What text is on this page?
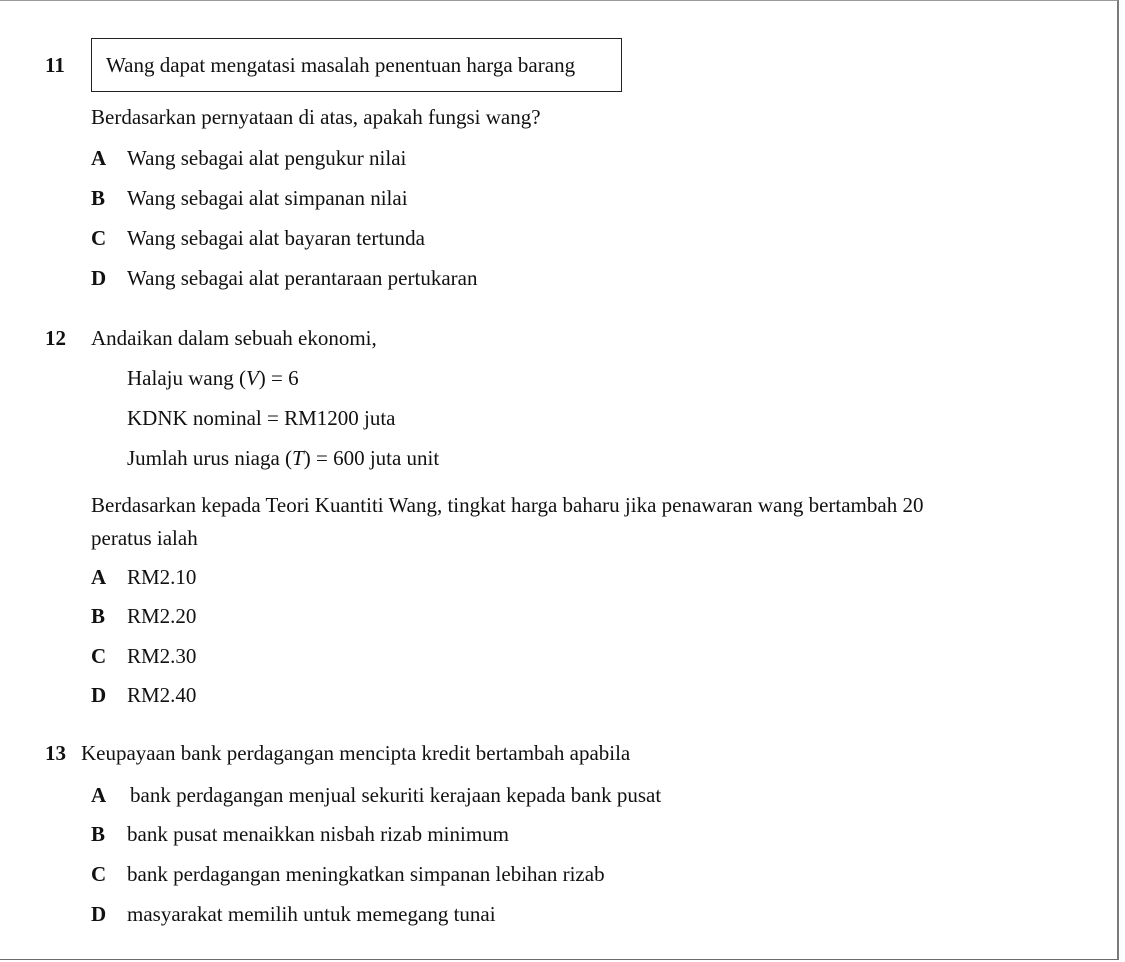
11 Wang dapat mengatasi masalah penentuan harga barang
Berdasarkan pernyataan di atas, apakah fungsi wang?
A Wang sebagai alat pengukur nilai
B Wang sebagai alat simpanan nilai
C Wang sebagai alat bayaran tertunda
D Wang sebagai alat perantaraan pertukaran
12 Andaikan dalam sebuah ekonomi,
Halaju wang (V) = 6
KDNK nominal = RM1200 juta
Jumlah urus niaga (T) = 600 juta unit
Berdasarkan kepada Teori Kuantiti Wang, tingkat harga baharu jika penawaran wang bertambah 20
peratus ialah
A RM2.10
B RM2.20
C RM2.30
D RM2.40
13 Keupayaan bank perdagangan mencipta kredit bertambah apabila
A bank perdagangan menjual sekuriti kerajaan kepada bank pusat
B bank pusat menaikkan nisbah rizab minimum
C bank perdagangan meningkatkan simpanan lebihan rizab
D masyarakat memilih untuk memegang tunai
